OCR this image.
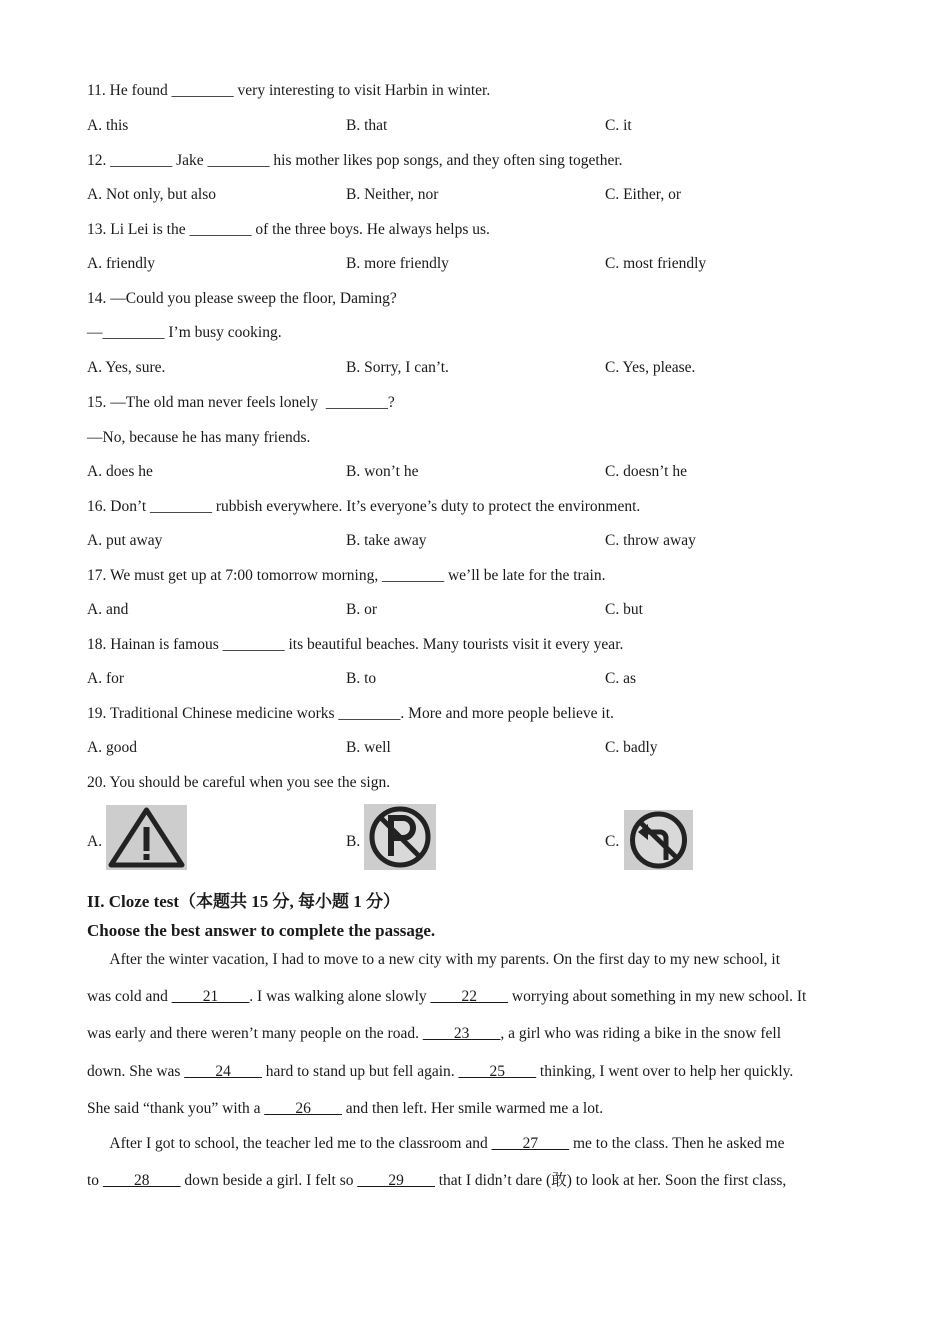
11. He found ________ very interesting to visit Harbin in winter.
A. this	B. that	C. it
12. ________ Jake ________ his mother likes pop songs, and they often sing together.
A. Not only, but also	B. Neither, nor	C. Either, or
13. Li Lei is the ________ of the three boys. He always helps us.
A. friendly	B. more friendly	C. most friendly
14. —Could you please sweep the floor, Daming?
—________ I’m busy cooking.
A. Yes, sure.	B. Sorry, I can’t.	C. Yes, please.
15. —The old man never feels lonely  ________?
—No, because he has many friends.
A. does he	B. won’t he	C. doesn’t he
16. Don’t ________ rubbish everywhere. It’s everyone’s duty to protect the environment.
A. put away	B. take away	C. throw away
17. We must get up at 7:00 tomorrow morning, ________ we’ll be late for the train.
A. and	B. or	C. but
18. Hainan is famous ________ its beautiful beaches. Many tourists visit it every year.
A. for	B. to	C. as
19. Traditional Chinese medicine works ________. More and more people believe it.
A. good	B. well	C. badly
20. You should be careful when you see the sign.
A.	B.	C.
II. Cloze test（本题共 15 分, 每小题 1 分）
Choose the best answer to complete the passage.
After the winter vacation, I had to move to a new city with my parents. On the first day to my new school, it
was cold and ____21____. I was walking alone slowly ____22____ worrying about something in my new school. It
was early and there weren’t many people on the road. ____23____, a girl who was riding a bike in the snow fell
down. She was ____24____ hard to stand up but fell again. ____25____ thinking, I went over to help her quickly.
She said “thank you” with a ____26____ and then left. Her smile warmed me a lot.
After I got to school, the teacher led me to the classroom and ____27____ me to the class. Then he asked me
to ____28____ down beside a girl. I felt so ____29____ that I didn’t dare (敢) to look at her. Soon the first class,
